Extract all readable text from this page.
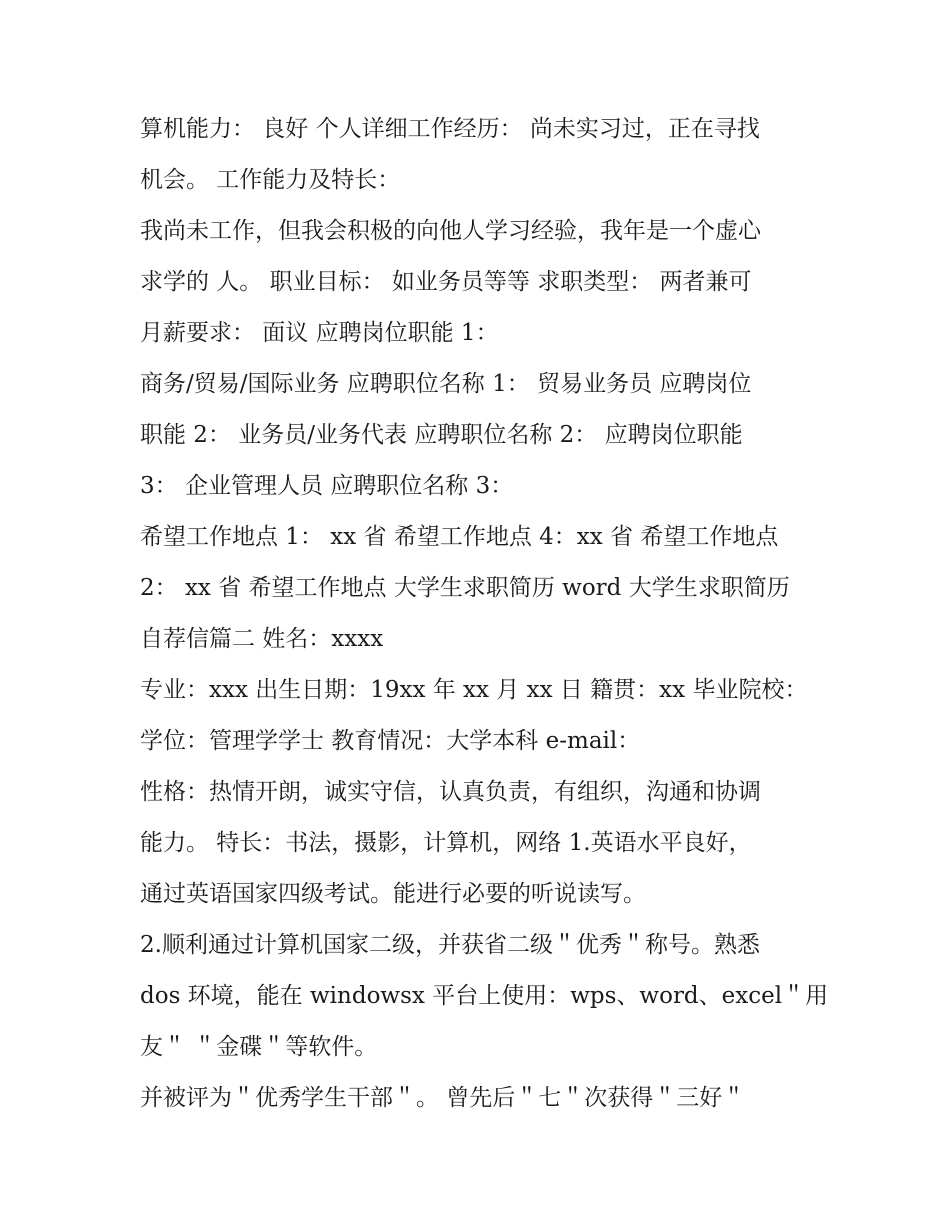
算机能力： 良好 个人详细工作经历： 尚未实习过，正在寻找
机会。 工作能力及特长：
我尚未工作，但我会积极的向他人学习经验，我年是一个虚心
求学的 人。 职业目标： 如业务员等等 求职类型： 两者兼可
月薪要求： 面议 应聘岗位职能 1：
商务/贸易/国际业务 应聘职位名称 1： 贸易业务员 应聘岗位
职能 2： 业务员/业务代表 应聘职位名称 2： 应聘岗位职能
3： 企业管理人员 应聘职位名称 3：
希望工作地点 1： xx 省 希望工作地点 4：xx 省 希望工作地点
2： xx 省 希望工作地点 大学生求职简历 word 大学生求职简历
自荐信篇二 姓名：xxxx
专业：xxx 出生日期：19xx 年 xx 月 xx 日 籍贯：xx 毕业院校：
学位：管理学学士 教育情况：大学本科 e-mail：
性格：热情开朗，诚实守信，认真负责，有组织，沟通和协调
能力。 特长：书法，摄影，计算机，网络 1.英语水平良好，
通过英语国家四级考试。能进行必要的听说读写。
2.顺利通过计算机国家二级，并获省二级＂优秀＂称号。熟悉
dos 环境，能在 windowsx 平台上使用：wps、word、excel＂用
友＂ ＂金碟＂等软件。
并被评为＂优秀学生干部＂。 曾先后＂七＂次获得＂三好＂
